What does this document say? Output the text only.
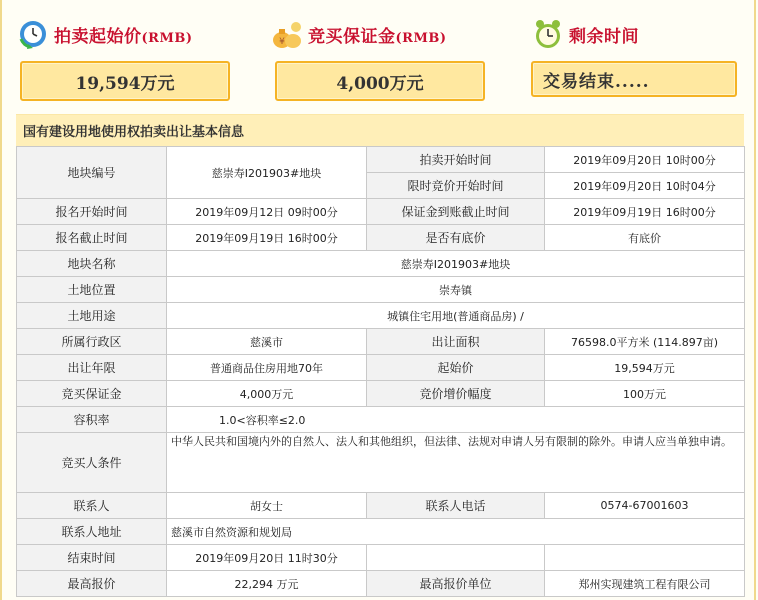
拍卖起始价(RMB)	¥ 竞买保证金(RMB)	剩余时间
19,594万元	4,000万元	交易结束.....
国有建设用地使用权拍卖出让基本信息
地块编号	慈崇寿I201903#地块	拍卖开始时间	2019年09月20日 10时00分
		限时竞价开始时间	2019年09月20日 10时04分
报名开始时间	2019年09月12日 09时00分	保证金到账截止时间	2019年09月19日 16时00分
报名截止时间	2019年09月19日 16时00分	是否有底价	有底价
地块名称	慈崇寿I201903#地块		
土地位置	崇寿镇		
土地用途	城镇住宅用地(普通商品房) /		
所属行政区	慈溪市	出让面积	76598.0平方米 (114.897亩)
出让年限	普通商品住房用地70年	起始价	19,594万元
竞买保证金	4,000万元	竞价增价幅度	100万元
容积率	1.0<容积率≤2.0		
竞买人条件	中华人民共和国境内外的自然人、法人和其他组织，但法律、法规对申请人另有限制的除外。申请人应当单独申请。		
联系人	胡女士	联系人电话	0574-67001603
联系人地址	慈溪市自然资源和规划局		
结束时间	2019年09月20日 11时30分		
最高报价	22,294 万元	最高报价单位	郑州实现建筑工程有限公司
